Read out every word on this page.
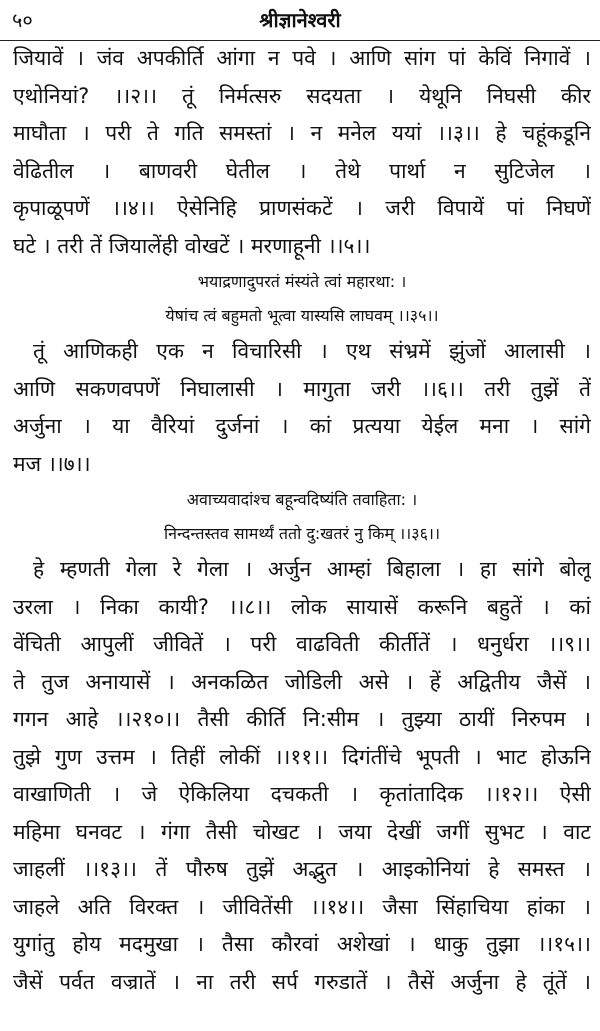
५०	श्रीज्ञानेश्वरी
जियावें । जंव अपकीर्ति आंगा न पवे । आणि सांग पां केविं निगावें ।
एथोनियां? ।।२।। तूं निर्मत्सरु सदयता । येथूनि निघसी कीर
माघौता । परी ते गति समस्तां । न मनेल ययां ।।३।। हे चहूंकडूनि
वेढितील । बाणवरी घेतील । तेथे पार्था न सुटिजेल ।
कृपाळूपणें ।।४।। ऐसेनिहि प्राणसंकटें । जरी विपायें पां निघणें
घटे । तरी तें जियालेंही वोखटें । मरणाहूनी ।।५।।
भयाद्रणादुपरतं मंस्यंते त्वां महारथा: ।
येषांच त्वं बहुमतो भूत्वा यास्यसि लाघवम् ।।३५।।
तूं आणिकही एक न विचारिसी । एथ संभ्रमें झुंजों आलासी ।
आणि सकणवपणें निघालासी । मागुता जरी ।।६।। तरी तुझें तें
अर्जुना । या वैरियां दुर्जनां । कां प्रत्यया येईल मना । सांगे
मज ।।७।।
अवाच्यवादांश्च बहून्वदिष्यंति तवाहिता: ।
निन्दन्तस्तव सामर्थ्यं ततो दु:खतरं नु किम् ।।३६।।
हे म्हणती गेला रे गेला । अर्जुन आम्हां बिहाला । हा सांगे बोलू
उरला । निका कायी? ।।८।। लोक सायासें करूनि बहुतें । कां
वेंचिती आपुलीं जीवितें । परी वाढविती कीर्तीतें । धनुर्धरा ।।९।।
ते तुज अनायासें । अनकळित जोडिली असे । हें अद्वितीय जैसें ।
गगन आहे ।।२१०।। तैसी कीर्ति नि:सीम । तुझ्या ठायीं निरुपम ।
तुझे गुण उत्तम । तिहीं लोकीं ।।११।। दिगंतींचे भूपती । भाट होऊनि
वाखाणिती । जे ऐकिलिया दचकती । कृतांतादिक ।।१२।। ऐसी
महिमा घनवट । गंगा तैसी चोखट । जया देखीं जगीं सुभट । वाट
जाहलीं ।।१३।। तें पौरुष तुझें अद्भुत । आइकोनियां हे समस्त ।
जाहले अति विरक्त । जीवितेंसी ।।१४।। जैसा सिंहाचिया हांका ।
युगांतु होय मदमुखा । तैसा कौरवां अशेखां । धाकु तुझा ।।१५।।
जैसें पर्वत वज्रातें । ना तरी सर्प गरुडातें । तैसें अर्जुना हे तूंतें ।
